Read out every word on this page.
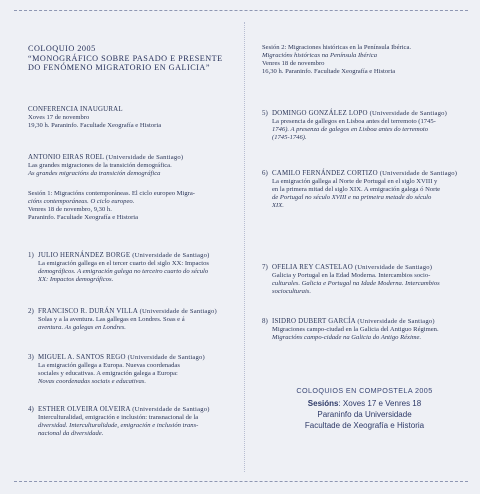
COLOQUIO 2005

“MONOGRÁFICO SOBRE PASADO E PRESENTE

DO FENÓMENO MIGRATORIO EN GALICIA”

CONFERENCIA INAUGURAL

Xoves 17 de novembro

19,30 h. Paraninfo. Facultade Xeografía e Historia

ANTONIO EIRAS ROEL (Universidade de Santiago)

Las grandes migraciones de la transición demográfica.

As grandes migracións da transición demográfica

Sesión 1: Migracións contemporáneas. El ciclo europeo Migra-

cións contemporáneas. O ciclo europeo.

Venres 18 de novembro, 9,30 h.

Paraninfo. Facultade Xeografía e Historia

1) JULIO HERNÁNDEZ BORGE (Universidade de Santiago)

La emigración gallega en el tercer cuarto del siglo XX: Impactos

demográficos. A emigración galega no terceiro cuarto do século

XX: Impactos demográficos.

2) FRANCISCO R. DURÁN VILLA (Universidade de Santiago)

Solas y a la aventura. Las gallegas en Londres. Soas e á

aventura. As galegas en Londres.

3) MIGUEL A. SANTOS REGO (Universidade de Santiago)

La emigración gallega a Europa. Nuevas coordenadas

sociales y educativas. A emigración galega a Europa:

Novas coordenadas sociais e educativas.

4) ESTHER OLVEIRA OLVEIRA (Universidade de Santiago)

Interculturalidad, emigración e inclusión: transnacional de la

diversidad. Interculturalidade, emigración e inclusión trans-

nacional da diversidade.

Sesión 2: Migraciones históricas en la Península Ibérica.

Migracións históricas na Península Ibérica

Venres 18 de novembro

16,30 h. Paraninfo. Facultade Xeografía e Historia

5) DOMINGO GONZÁLEZ LOPO (Universidade de Santiago)

La presencia de gallegos en Lisboa antes del terremoto (1745-

1746). A presenza de galegos en Lisboa antes do terremoto

(1745-1746).

6) CAMILO FERNÁNDEZ CORTIZO (Universidade de Santiago)

La emigración gallega al Norte de Portugal en el siglo XVIII y

en la primera mitad del siglo XIX. A emigración galega ó Norte

de Portugal no século XVIII e na primeira metade do século

XIX.

7) OFELIA REY CASTELAO (Universidade de Santiago)

Galicia y Portugal en la Edad Moderna. Intercambios socio-

culturales. Galicia e Portugal na Idade Moderna. Intercambios

socioculturais.

8) ISIDRO DUBERT GARCÍA (Universidade de Santiago)

Migraciones campo-ciudad en la Galicia del Antiguo Régimen.

Migracións campo-cidade na Galicia do Antigo Réxime.

COLOQUIOS EN COMPOSTELA 2005

Sesións: Xoves 17 e Venres 18

Paraninfo da Universidade

Facultade de Xeografía e Historia
